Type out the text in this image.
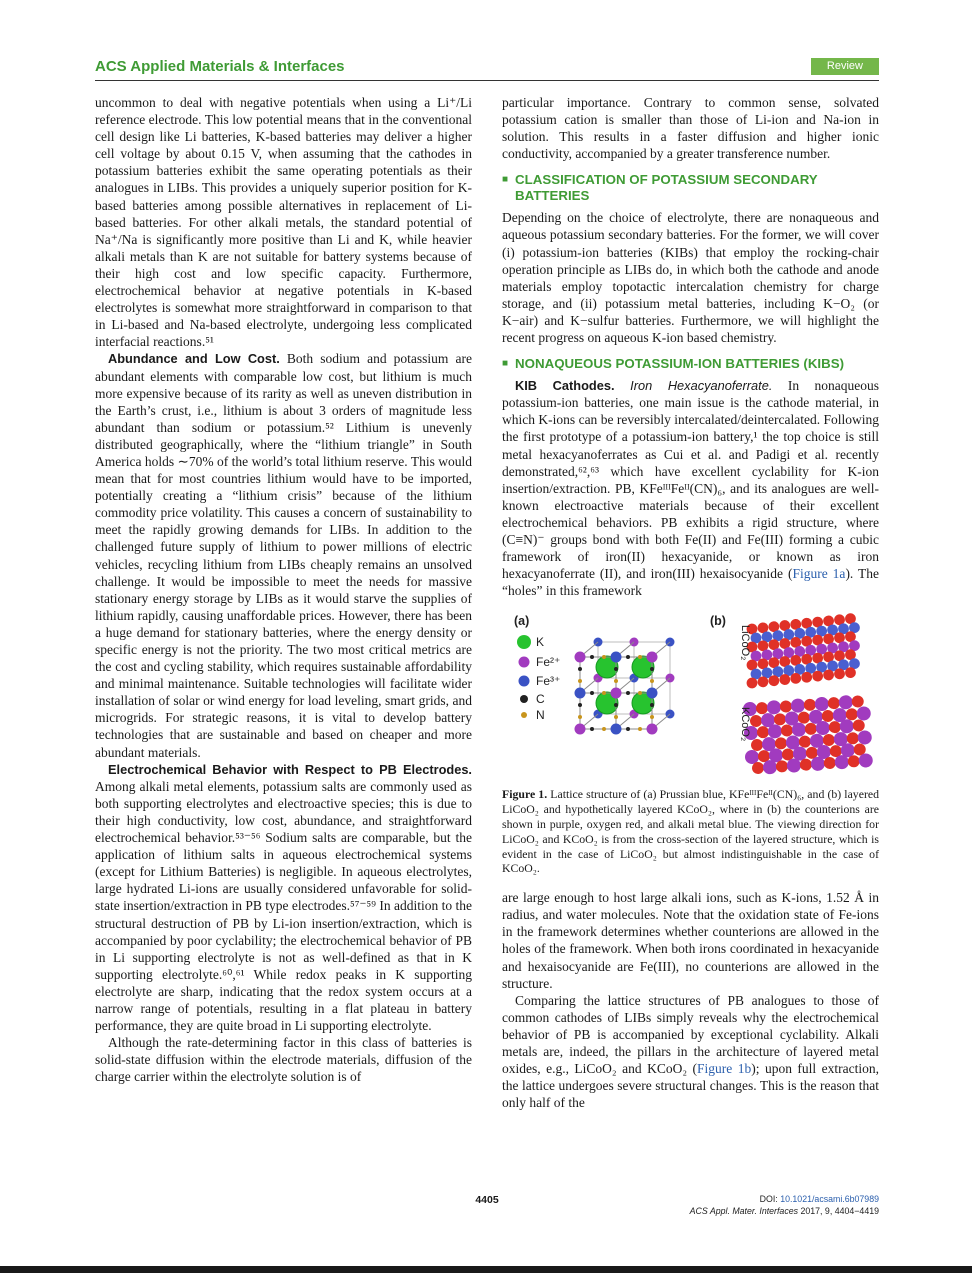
ACS Applied Materials & Interfaces	Review

uncommon to deal with negative potentials when using a Li⁺/Li reference electrode. This low potential means that in the conventional cell design like Li batteries, K-based batteries may deliver a higher cell voltage by about 0.15 V, when assuming that the cathodes in potassium batteries exhibit the same operating potentials as their analogues in LIBs. This provides a uniquely superior position for K-based batteries among possible alternatives in replacement of Li-based batteries. For other alkali metals, the standard potential of Na⁺/Na is significantly more positive than Li and K, while heavier alkali metals than K are not suitable for battery systems because of their high cost and low specific capacity. Furthermore, electrochemical behavior at negative potentials in K-based electrolytes is somewhat more straightforward in comparison to that in Li-based and Na-based electrolyte, undergoing less complicated interfacial reactions.⁵¹

Abundance and Low Cost. Both sodium and potassium are abundant elements with comparable low cost, but lithium is much more expensive because of its rarity as well as uneven distribution in the Earth’s crust, i.e., lithium is about 3 orders of magnitude less abundant than sodium or potassium.⁵² Lithium is unevenly distributed geographically, where the “lithium triangle” in South America holds ∼70% of the world’s total lithium reserve. This would mean that for most countries lithium would have to be imported, potentially creating a “lithium crisis” because of the lithium commodity price volatility. This causes a concern of sustainability to meet the rapidly growing demands for LIBs. In addition to the challenged future supply of lithium to power millions of electric vehicles, recycling lithium from LIBs cheaply remains an unsolved challenge. It would be impossible to meet the needs for massive stationary energy storage by LIBs as it would starve the supplies of lithium rapidly, causing unaffordable prices. However, there has been a huge demand for stationary batteries, where the energy density or specific energy is not the priority. The two most critical metrics are the cost and cycling stability, which requires sustainable affordability and minimal maintenance. Suitable technologies will facilitate wider installation of solar or wind energy for load leveling, smart grids, and microgrids. For strategic reasons, it is vital to develop battery technologies that are sustainable and based on cheaper and more abundant materials.

Electrochemical Behavior with Respect to PB Electrodes. Among alkali metal elements, potassium salts are commonly used as both supporting electrolytes and electroactive species; this is due to their high conductivity, low cost, abundance, and straightforward electrochemical behavior.⁵³⁻⁵⁶ Sodium salts are comparable, but the application of lithium salts in aqueous electrochemical systems (except for Lithium Batteries) is negligible. In aqueous electrolytes, large hydrated Li-ions are usually considered unfavorable for solid-state insertion/extraction in PB type electrodes.⁵⁷⁻⁵⁹ In addition to the structural destruction of PB by Li-ion insertion/extraction, which is accompanied by poor cyclability; the electrochemical behavior of PB in Li supporting electrolyte is not as well-defined as that in K supporting electrolyte.⁶⁰,⁶¹ While redox peaks in K supporting electrolyte are sharp, indicating that the redox system occurs at a narrow range of potentials, resulting in a flat plateau in battery performance, they are quite broad in Li supporting electrolyte.

Although the rate-determining factor in this class of batteries is solid-state diffusion within the electrode materials, diffusion of the charge carrier within the electrolyte solution is of

particular importance. Contrary to common sense, solvated potassium cation is smaller than those of Li-ion and Na-ion in solution. This results in a faster diffusion and higher ionic conductivity, accompanied by a greater transference number.

■ CLASSIFICATION OF POTASSIUM SECONDARY BATTERIES

Depending on the choice of electrolyte, there are nonaqueous and aqueous potassium secondary batteries. For the former, we will cover (i) potassium-ion batteries (KIBs) that employ the rocking-chair operation principle as LIBs do, in which both the cathode and anode materials employ topotactic intercalation chemistry for charge storage, and (ii) potassium metal batteries, including K−O₂ (or K−air) and K−sulfur batteries. Furthermore, we will highlight the recent progress on aqueous K-ion based chemistry.

■ NONAQUEOUS POTASSIUM-ION BATTERIES (KIBS)

KIB Cathodes. Iron Hexacyanoferrate. In nonaqueous potassium-ion batteries, one main issue is the cathode material, in which K-ions can be reversibly intercalated/deintercalated. Following the first prototype of a potassium-ion battery,¹ the top choice is still metal hexacyanoferrates as Cui et al. and Padigi et al. recently demonstrated,⁶²,⁶³ which have excellent cyclability for K-ion insertion/extraction. PB, KFeᴵᴵᴵFeᴵᴵ(CN)₆, and its analogues are well-known electroactive materials because of their excellent electrochemical behaviors. PB exhibits a rigid structure, where (C≡N)⁻ groups bond with both Fe(II) and Fe(III) forming a cubic framework of iron(II) hexacyanide, or known as iron hexacyanoferrate (II), and iron(III) hexaisocyanide (Figure 1a). The “holes” in this framework

(a)	(b)
K
Fe²⁺
Fe³⁺
C
N
LiCoO₂
KCoO₂

Figure 1. Lattice structure of (a) Prussian blue, KFeᴵᴵᴵFeᴵᴵ(CN)₆, and (b) layered LiCoO₂ and hypothetically layered KCoO₂, where in (b) the counterions are shown in purple, oxygen red, and alkali metal blue. The viewing direction for LiCoO₂ and KCoO₂ is from the cross-section of the layered structure, which is evident in the case of LiCoO₂ but almost indistinguishable in the case of KCoO₂.

are large enough to host large alkali ions, such as K-ions, 1.52 Å in radius, and water molecules. Note that the oxidation state of Fe-ions in the framework determines whether counterions are allowed in the holes of the framework. When both irons coordinated in hexacyanide and hexaisocyanide are Fe(III), no counterions are allowed in the structure.

Comparing the lattice structures of PB analogues to those of common cathodes of LIBs simply reveals why the electrochemical behavior of PB is accompanied by exceptional cyclability. Alkali metals are, indeed, the pillars in the architecture of layered metal oxides, e.g., LiCoO₂ and KCoO₂ (Figure 1b); upon full extraction, the lattice undergoes severe structural changes. This is the reason that only half of the

4405	DOI: 10.1021/acsami.6b07989
ACS Appl. Mater. Interfaces 2017, 9, 4404−4419
